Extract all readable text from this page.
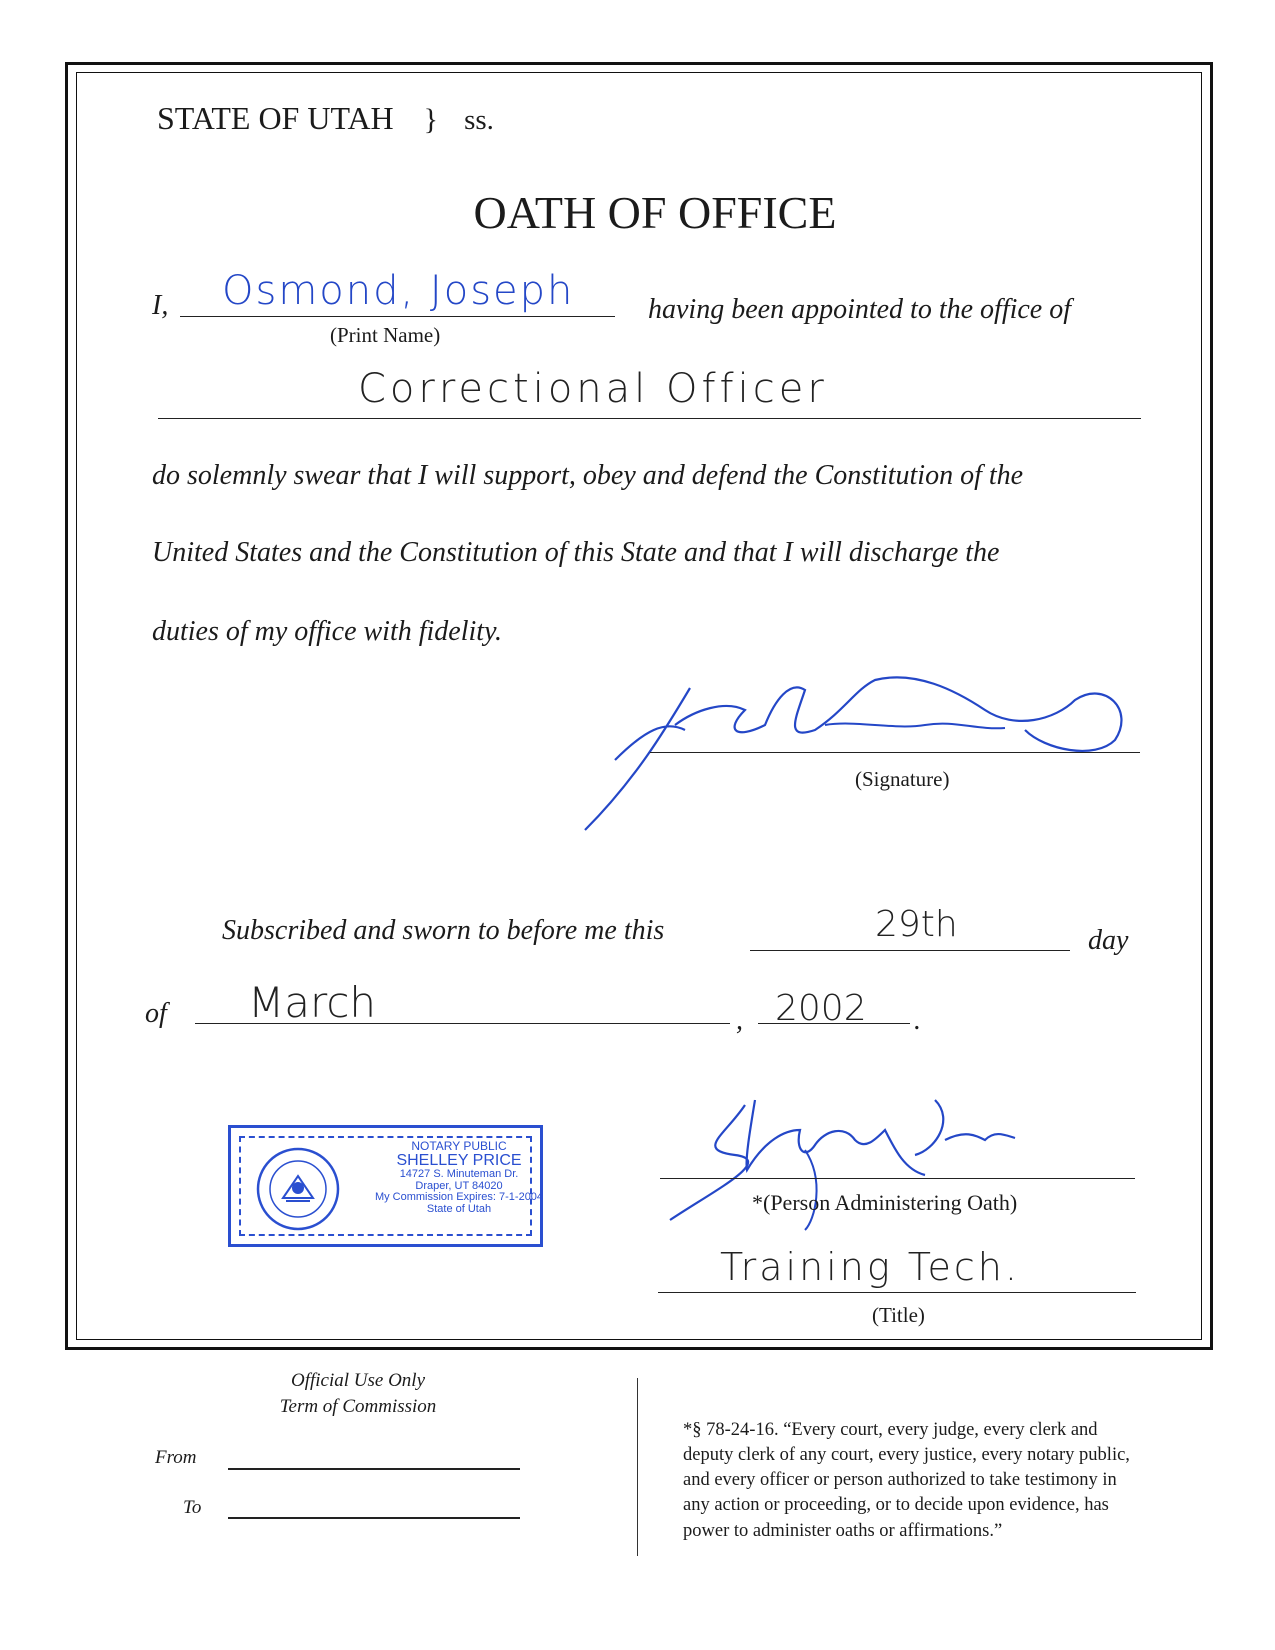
STATE OF UTAH } ss.
OATH OF OFFICE
I, Osmond, Joseph
(Print Name)
having been appointed to the office of
Correctional Officer
do solemnly swear that I will support, obey and defend the Constitution of the
United States and the Constitution of this State and that I will discharge the
duties of my office with fidelity.
(Signature)
Subscribed and sworn to before me this	29th	day
of March	, 2002 .
NOTARY PUBLIC
SHELLEY PRICE
14727 S. Minuteman Dr.
Draper, UT 84020
My Commission Expires: 7-1-2004
State of Utah	*(Person Administering Oath)
Training Tech.
(Title)
Official Use Only
Term of Commission
From
To
*§ 78-24-16. “Every court, every judge, every clerk and
deputy clerk of any court, every justice, every notary public,
and every officer or person authorized to take testimony in
any action or proceeding, or to decide upon evidence, has
power to administer oaths or affirmations.”
